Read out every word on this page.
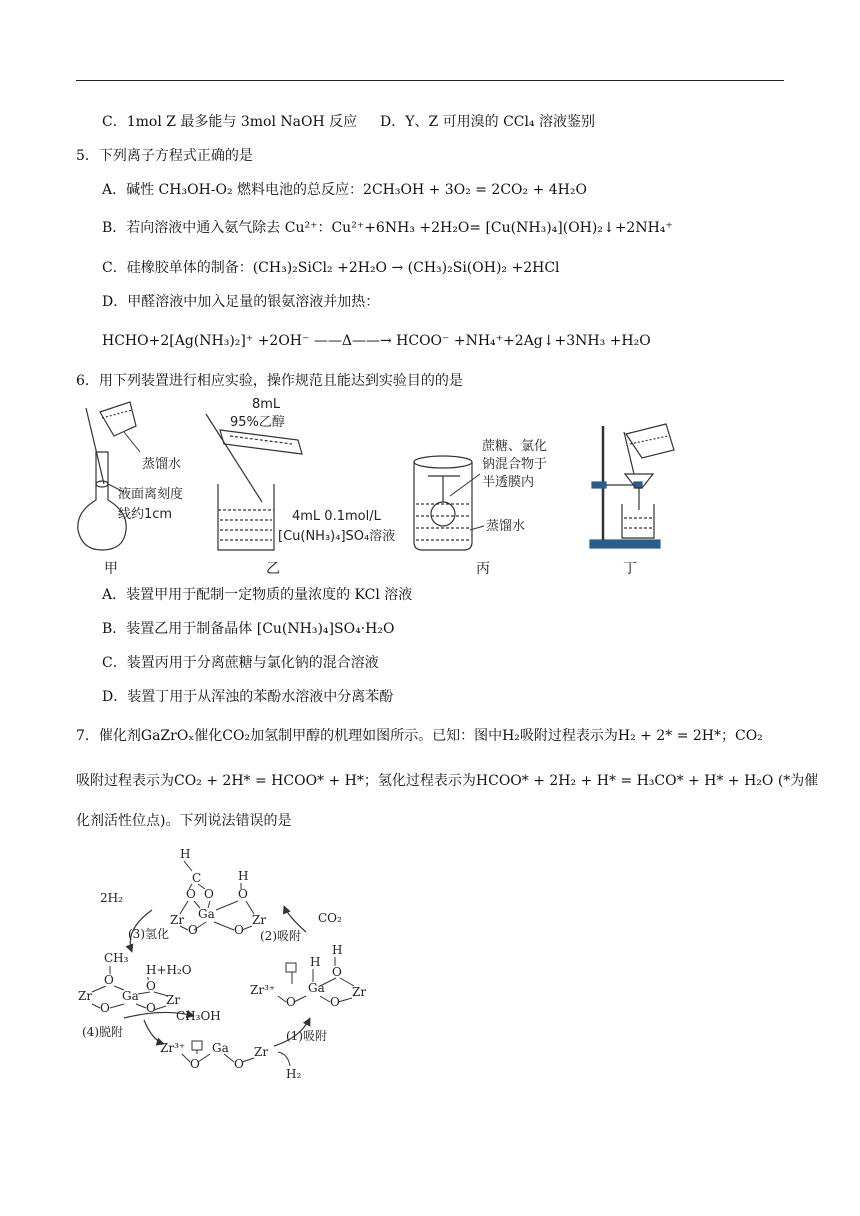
C．1mol Z 最多能与 3mol NaOH 反应 D．Y、Z 可用溴的 CCl₄ 溶液鉴别
5．下列离子方程式正确的是
A．碱性 CH₃OH-O₂ 燃料电池的总反应：2CH₃OH + 3O₂ = 2CO₂ + 4H₂O
B．若向溶液中通入氨气除去 Cu²⁺：Cu²⁺+6NH₃ +2H₂O= [Cu(NH₃)₄](OH)₂↓+2NH₄⁺
C．硅橡胶单体的制备：(CH₃)₂SiCl₂ +2H₂O → (CH₃)₂Si(OH)₂ +2HCl
D．甲醛溶液中加入足量的银氨溶液并加热：
HCHO+2[Ag(NH₃)₂]⁺ +2OH⁻ ——Δ——→ HCOO⁻ +NH₄⁺+2Ag↓+3NH₃ +H₂O
6．用下列装置进行相应实验，操作规范且能达到实验目的的是
蒸馏水
液面离刻度
线约1cm
8mL
95%乙醇
4mL 0.1mol/L
[Cu(NH₃)₄]SO₄溶液
蔗糖、氯化
钠混合物于
半透膜内
蒸馏水
甲	乙	丙	丁
A．装置甲用于配制一定物质的量浓度的 KCl 溶液
B．装置乙用于制备晶体 [Cu(NH₃)₄]SO₄·H₂O
C．装置丙用于分离蔗糖与氯化钠的混合溶液
D．装置丁用于从浑浊的苯酚水溶液中分离苯酚
7．催化剂GaZrOₓ催化CO₂加氢制甲醇的机理如图所示。已知：图中H₂吸附过程表示为H₂ + 2* = 2H*；CO₂
吸附过程表示为CO₂ + 2H* = HCOO* + H*；氢化过程表示为HCOO* + 2H₂ + H* = H₃CO* + H* + H₂O (*为催
化剂活性位点)。下列说法错误的是
H
C
O O
H
O
Zr Ga	Zr
O	O
H
O
H
Zr³⁺	Ga Zr
O	O
CH₃
O
H+H₂O
O
Zr Ga Zr
O	O
Zr³⁺ Ga Zr
O	O
2H₂
(3)氢化
CO₂
(2)吸附
CH₃OH
(4)脱附	(1)吸附
H₂
